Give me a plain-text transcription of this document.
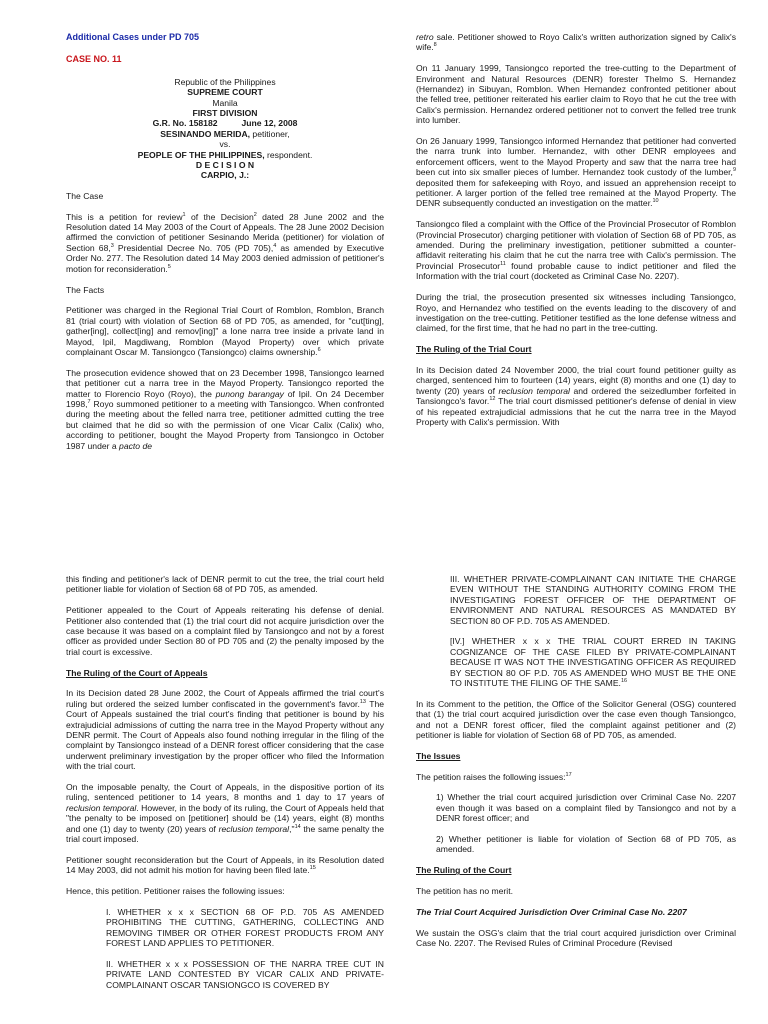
Additional Cases under PD 705

CASE NO. 11

Republic of the Philippines
SUPREME COURT
Manila
FIRST DIVISION
G.R. No. 158182	June 12, 2008
SESINANDO MERIDA, petitioner,
vs.
PEOPLE OF THE PHILIPPINES, respondent.
D E C I S I O N
CARPIO, J.:

The Case

This is a petition for review$^1$ of the Decision$^2$ dated 28 June 2002 and the Resolution dated 14 May 2003 of the Court of Appeals. The 28 June 2002 Decision affirmed the conviction of petitioner Sesinando Merida (petitioner) for violation of Section 68,$^3$ Presidential Decree No. 705 (PD 705),$^4$ as amended by Executive Order No. 277. The Resolution dated 14 May 2003 denied admission of petitioner's motion for reconsideration.$^5$

The Facts

Petitioner was charged in the Regional Trial Court of Romblon, Romblon, Branch 81 (trial court) with violation of Section 68 of PD 705, as amended, for "cut[ting], gather[ing], collect[ing] and remov[ing]" a lone narra tree inside a private land in Mayod, Ipil, Magdiwang, Romblon (Mayod Property) over which private complainant Oscar M. Tansiongco (Tansiongco) claims ownership.$^6$

The prosecution evidence showed that on 23 December 1998, Tansiongco learned that petitioner cut a narra tree in the Mayod Property. Tansiongco reported the matter to Florencio Royo (Royo), the punong barangay of Ipil. On 24 December 1998,$^7$ Royo summoned petitioner to a meeting with Tansiongco. When confronted during the meeting about the felled narra tree, petitioner admitted cutting the tree but claimed that he did so with the permission of one Vicar Calix (Calix) who, according to petitioner, bought the Mayod Property from Tansiongco in October 1987 under a pacto de

retro sale. Petitioner showed to Royo Calix's written authorization signed by Calix's wife.$^8$

On 11 January 1999, Tansiongco reported the tree-cutting to the Department of Environment and Natural Resources (DENR) forester Thelmo S. Hernandez (Hernandez) in Sibuyan, Romblon. When Hernandez confronted petitioner about the felled tree, petitioner reiterated his earlier claim to Royo that he cut the tree with Calix's permission. Hernandez ordered petitioner not to convert the felled tree trunk into lumber.

On 26 January 1999, Tansiongco informed Hernandez that petitioner had converted the narra trunk into lumber. Hernandez, with other DENR employees and enforcement officers, went to the Mayod Property and saw that the narra tree had been cut into six smaller pieces of lumber. Hernandez took custody of the lumber,$^9$ deposited them for safekeeping with Royo, and issued an apprehension receipt to petitioner. A larger portion of the felled tree remained at the Mayod Property. The DENR subsequently conducted an investigation on the matter.$^{10}$

Tansiongco filed a complaint with the Office of the Provincial Prosecutor of Romblon (Provincial Prosecutor) charging petitioner with violation of Section 68 of PD 705, as amended. During the preliminary investigation, petitioner submitted a counter-affidavit reiterating his claim that he cut the narra tree with Calix's permission. The Provincial Prosecutor$^{11}$ found probable cause to indict petitioner and filed the Information with the trial court (docketed as Criminal Case No. 2207).

During the trial, the prosecution presented six witnesses including Tansiongco, Royo, and Hernandez who testified on the events leading to the discovery of and investigation on the tree-cutting. Petitioner testified as the lone defense witness and claimed, for the first time, that he had no part in the tree-cutting.

The Ruling of the Trial Court

In its Decision dated 24 November 2000, the trial court found petitioner guilty as charged, sentenced him to fourteen (14) years, eight (8) months and one (1) day to twenty (20) years of reclusion temporal and ordered the seizedlumber forfeited in Tansiongco's favor.$^{12}$ The trial court dismissed petitioner's defense of denial in view of his repeated extrajudicial admissions that he cut the narra tree in the Mayod Property with Calix's permission. With

this finding and petitioner's lack of DENR permit to cut the tree, the trial court held petitioner liable for violation of Section 68 of PD 705, as amended.

Petitioner appealed to the Court of Appeals reiterating his defense of denial. Petitioner also contended that (1) the trial court did not acquire jurisdiction over the case because it was based on a complaint filed by Tansiongco and not by a forest officer as provided under Section 80 of PD 705 and (2) the penalty imposed by the trial court is excessive.

The Ruling of the Court of Appeals

In its Decision dated 28 June 2002, the Court of Appeals affirmed the trial court's ruling but ordered the seized lumber confiscated in the government's favor.$^{13}$ The Court of Appeals sustained the trial court's finding that petitioner is bound by his extrajudicial admissions of cutting the narra tree in the Mayod Property without any DENR permit. The Court of Appeals also found nothing irregular in the filing of the complaint by Tansiongco instead of a DENR forest officer considering that the case underwent preliminary investigation by the proper officer who filed the Information with the trial court.

On the imposable penalty, the Court of Appeals, in the dispositive portion of its ruling, sentenced petitioner to 14 years, 8 months and 1 day to 17 years of reclusion temporal. However, in the body of its ruling, the Court of Appeals held that "the penalty to be imposed on [petitioner] should be (14) years, eight (8) months and one (1) day to twenty (20) years of reclusion temporal,"$^{14}$ the same penalty the trial court imposed.

Petitioner sought reconsideration but the Court of Appeals, in its Resolution dated 14 May 2003, did not admit his motion for having been filed late.$^{15}$

Hence, this petition. Petitioner raises the following issues:

I. WHETHER x x x SECTION 68 OF P.D. 705 AS AMENDED PROHIBITING THE CUTTING, GATHERING, COLLECTING AND REMOVING TIMBER OR OTHER FOREST PRODUCTS FROM ANY FOREST LAND APPLIES TO PETITIONER.

II. WHETHER x x x POSSESSION OF THE NARRA TREE CUT IN PRIVATE LAND CONTESTED BY VICAR CALIX AND PRIVATE-COMPLAINANT OSCAR TANSIONGCO IS COVERED BY

III. WHETHER PRIVATE-COMPLAINANT CAN INITIATE THE CHARGE EVEN WITHOUT THE STANDING AUTHORITY COMING FROM THE INVESTIGATING FOREST OFFICER OF THE DEPARTMENT OF ENVIRONMENT AND NATURAL RESOURCES AS MANDATED BY SECTION 80 OF P.D. 705 AS AMENDED.

[IV.] WHETHER x x x THE TRIAL COURT ERRED IN TAKING COGNIZANCE OF THE CASE FILED BY PRIVATE-COMPLAINANT BECAUSE IT WAS NOT THE INVESTIGATING OFFICER AS REQUIRED BY SECTION 80 OF P.D. 705 AS AMENDED WHO MUST BE THE ONE TO INSTITUTE THE FILING OF THE SAME.$^{16}$

In its Comment to the petition, the Office of the Solicitor General (OSG) countered that (1) the trial court acquired jurisdiction over the case even though Tansiongco, and not a DENR forest officer, filed the complaint against petitioner and (2) petitioner is liable for violation of Section 68 of PD 705, as amended.

The Issues

The petition raises the following issues:$^{17}$

1) Whether the trial court acquired jurisdiction over Criminal Case No. 2207 even though it was based on a complaint filed by Tansiongco and not by a DENR forest officer; and

2) Whether petitioner is liable for violation of Section 68 of PD 705, as amended.

The Ruling of the Court

The petition has no merit.

The Trial Court Acquired Jurisdiction Over Criminal Case No. 2207

We sustain the OSG's claim that the trial court acquired jurisdiction over Criminal Case No. 2207. The Revised Rules of Criminal Procedure (Revised
